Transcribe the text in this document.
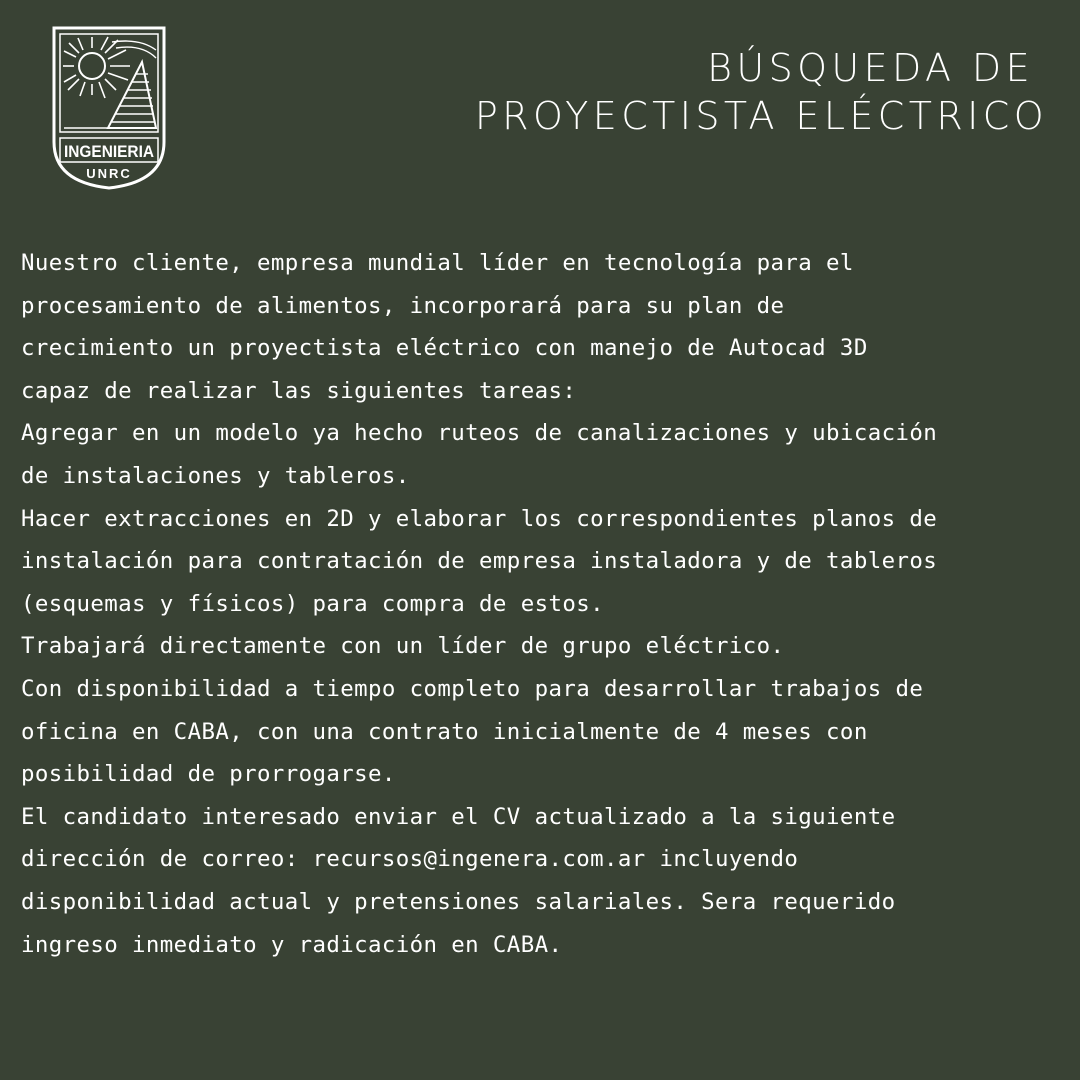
INGENIERIA
UNRC
BÚSQUEDA DE
PROYECTISTA ELÉCTRICO

Nuestro cliente, empresa mundial líder en tecnología para el

procesamiento de alimentos, incorporará para su plan de

crecimiento un proyectista eléctrico con manejo de Autocad 3D

capaz de realizar las siguientes tareas:

Agregar en un modelo ya hecho ruteos de canalizaciones y ubicación

de instalaciones y tableros.

Hacer extracciones en 2D y elaborar los correspondientes planos de

instalación para contratación de empresa instaladora y de tableros

(esquemas y físicos) para compra de estos.

Trabajará directamente con un líder de grupo eléctrico.

Con disponibilidad a tiempo completo para desarrollar trabajos de

oficina en CABA, con una contrato inicialmente de 4 meses con

posibilidad de prorrogarse.

El candidato interesado enviar el CV actualizado a la siguiente

dirección de correo: recursos@ingenera.com.ar incluyendo

disponibilidad actual y pretensiones salariales. Sera requerido

ingreso inmediato y radicación en CABA.
